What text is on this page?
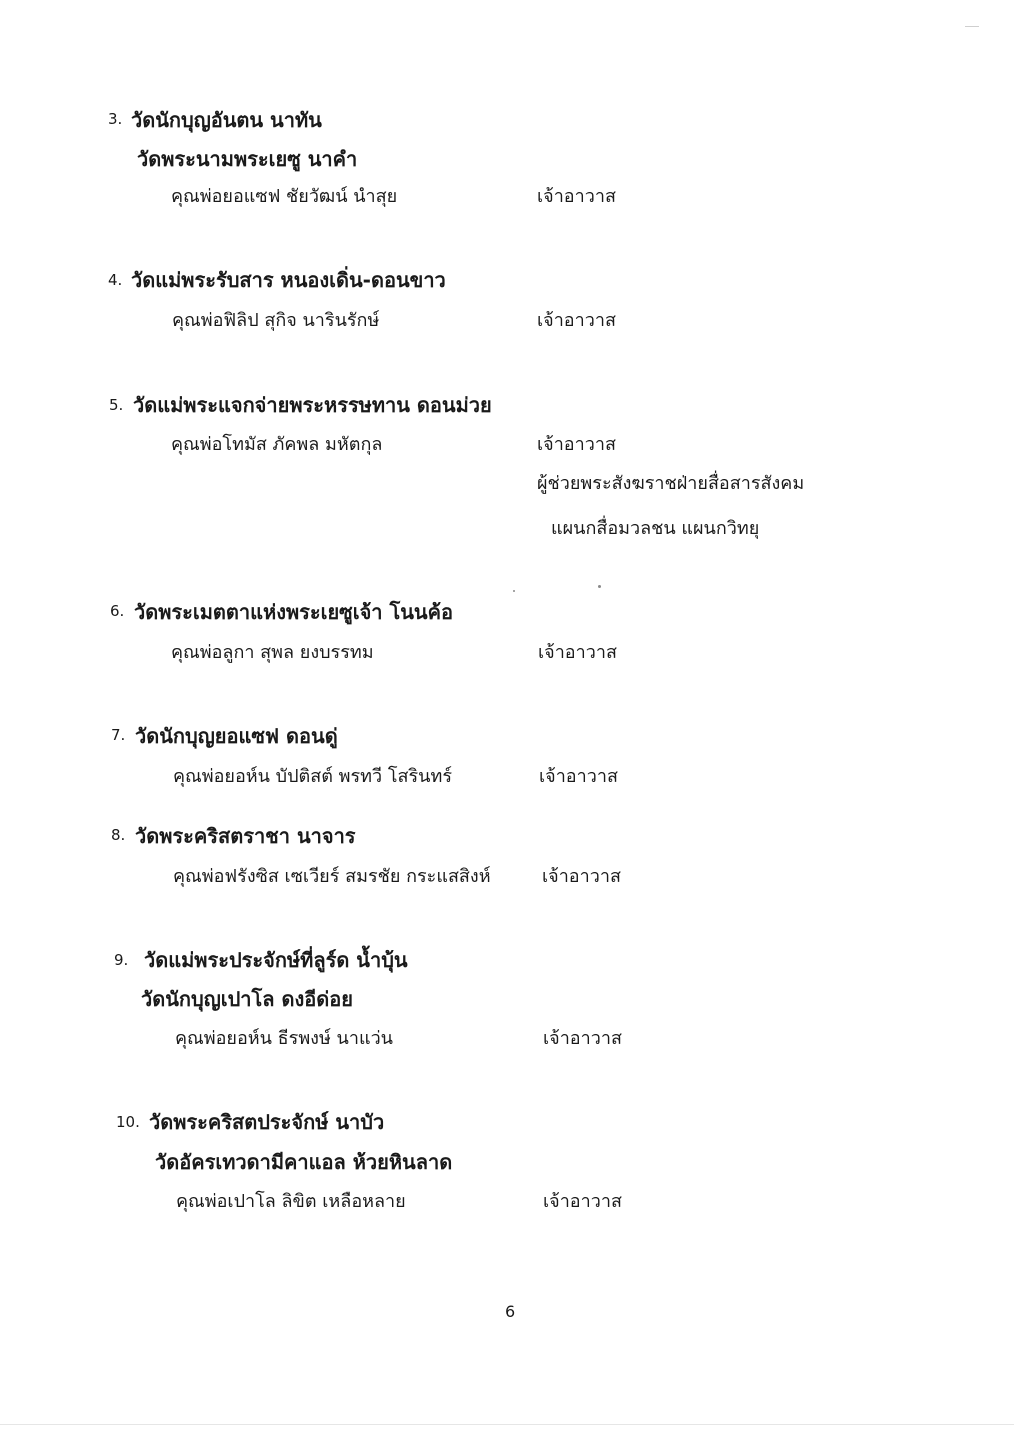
3. วัดนักบุญอันตน นาทัน
วัดพระนามพระเยซู นาคำ
คุณพ่อยอแซฟ ชัยวัฒน์ นำสุย	เจ้าอาวาส
4. วัดแม่พระรับสาร หนองเดิ่น-ดอนขาว
คุณพ่อฟิลิป สุกิจ นารินรักษ์	เจ้าอาวาส
5. วัดแม่พระแจกจ่ายพระหรรษทาน ดอนม่วย
คุณพ่อโทมัส ภัคพล มหัตกุล	เจ้าอาวาส
ผู้ช่วยพระสังฆราชฝ่ายสื่อสารสังคม
แผนกสื่อมวลชน แผนกวิทยุ
6. วัดพระเมตตาแห่งพระเยซูเจ้า โนนค้อ
คุณพ่อลูกา สุพล ยงบรรทม	เจ้าอาวาส
7. วัดนักบุญยอแซฟ ดอนดู่
คุณพ่อยอห์น บัปติสต์ พรทวี โสรินทร์	เจ้าอาวาส
8. วัดพระคริสตราชา นาจาร
คุณพ่อฟรังซิส เซเวียร์ สมรชัย กระแสสิงห์	เจ้าอาวาส
9. วัดแม่พระประจักษ์ที่ลูร์ด น้ำบุ้น
วัดนักบุญเปาโล ดงอีด่อย
คุณพ่อยอห์น ธีรพงษ์ นาแว่น	เจ้าอาวาส
10. วัดพระคริสตประจักษ์ นาบัว
วัดอัครเทวดามีคาแอล ห้วยหินลาด
คุณพ่อเปาโล ลิขิต เหลือหลาย	เจ้าอาวาส
6
